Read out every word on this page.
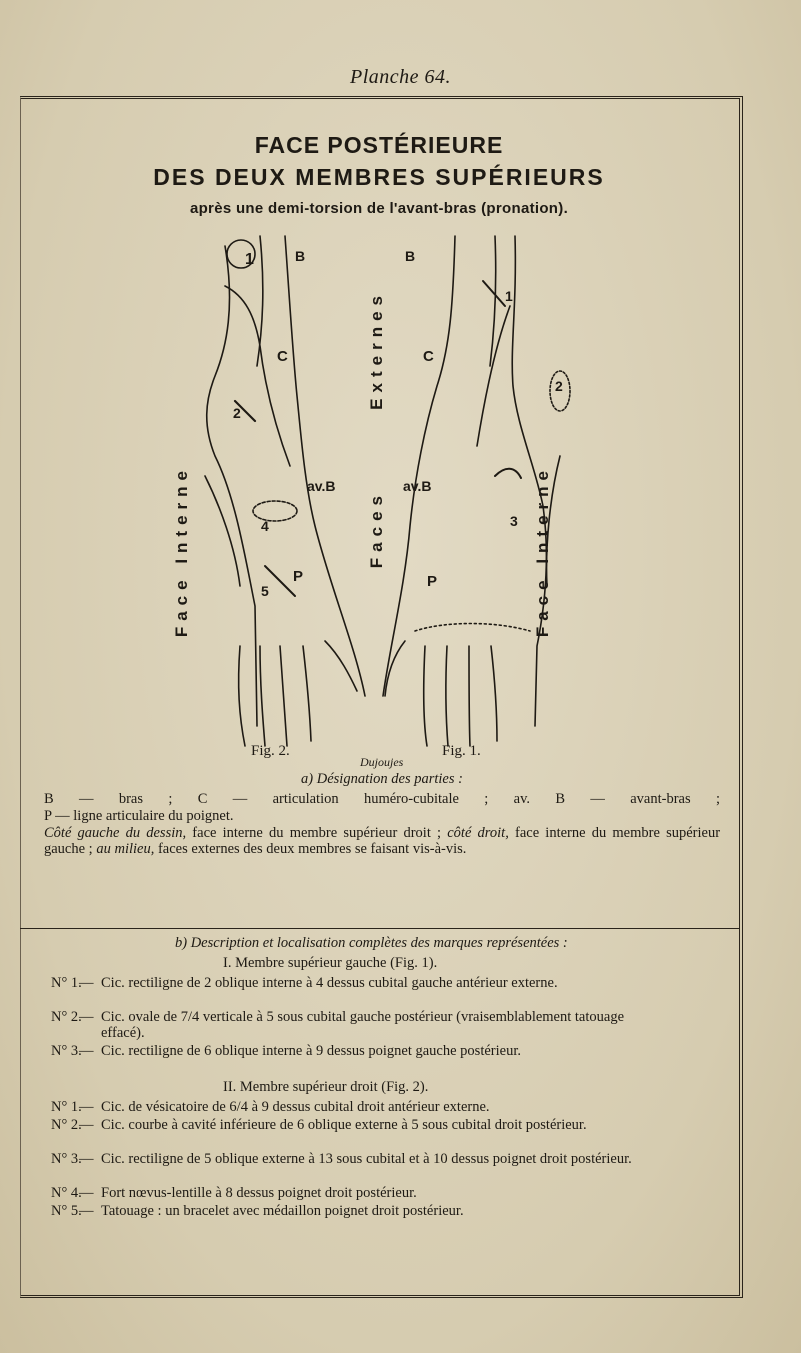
Planche 64.
FACE POSTÉRIEURE
DES DEUX MEMBRES SUPÉRIEURS
après une demi-torsion de l'avant-bras (pronation).
Face Interne	Face Interne
Externes
Faces
1	B	B
C	C
av.B	av.B
P	P
2
4
5
1
2
3
Dujoujes
Fig. 2.	Fig. 1.
a) Désignation des parties :
B — bras ; C — articulation huméro-cubitale ; av. B — avant-bras ;
P — ligne articulaire du poignet.
Côté gauche du dessin, face interne du membre supérieur droit ; côté droit, face interne du membre supérieur gauche ; au milieu, faces externes des deux membres se faisant vis-à-vis.
b) Description et localisation complètes des marques représentées :
I. Membre supérieur gauche (Fig. 1).
N° 1.
— Cic. rectiligne de 2 oblique interne à 4 dessus cubital gauche antérieur externe.
N° 2.
— Cic. ovale de 7/4 verticale à 5 sous cubital gauche postérieur (vraisemblablement tatouage effacé).
N° 3.
— Cic. rectiligne de 6 oblique interne à 9 dessus poignet gauche postérieur.
II. Membre supérieur droit (Fig. 2).
N° 1.
— Cic. de vésicatoire de 6/4 à 9 dessus cubital droit antérieur externe.
N° 2.
— Cic. courbe à cavité inférieure de 6 oblique externe à 5 sous cubital droit postérieur.
N° 3.
— Cic. rectiligne de 5 oblique externe à 13 sous cubital et à 10 dessus poignet droit postérieur.
N° 4.
— Fort nœvus-lentille à 8 dessus poignet droit postérieur.
N° 5.
— Tatouage : un bracelet avec médaillon poignet droit postérieur.
